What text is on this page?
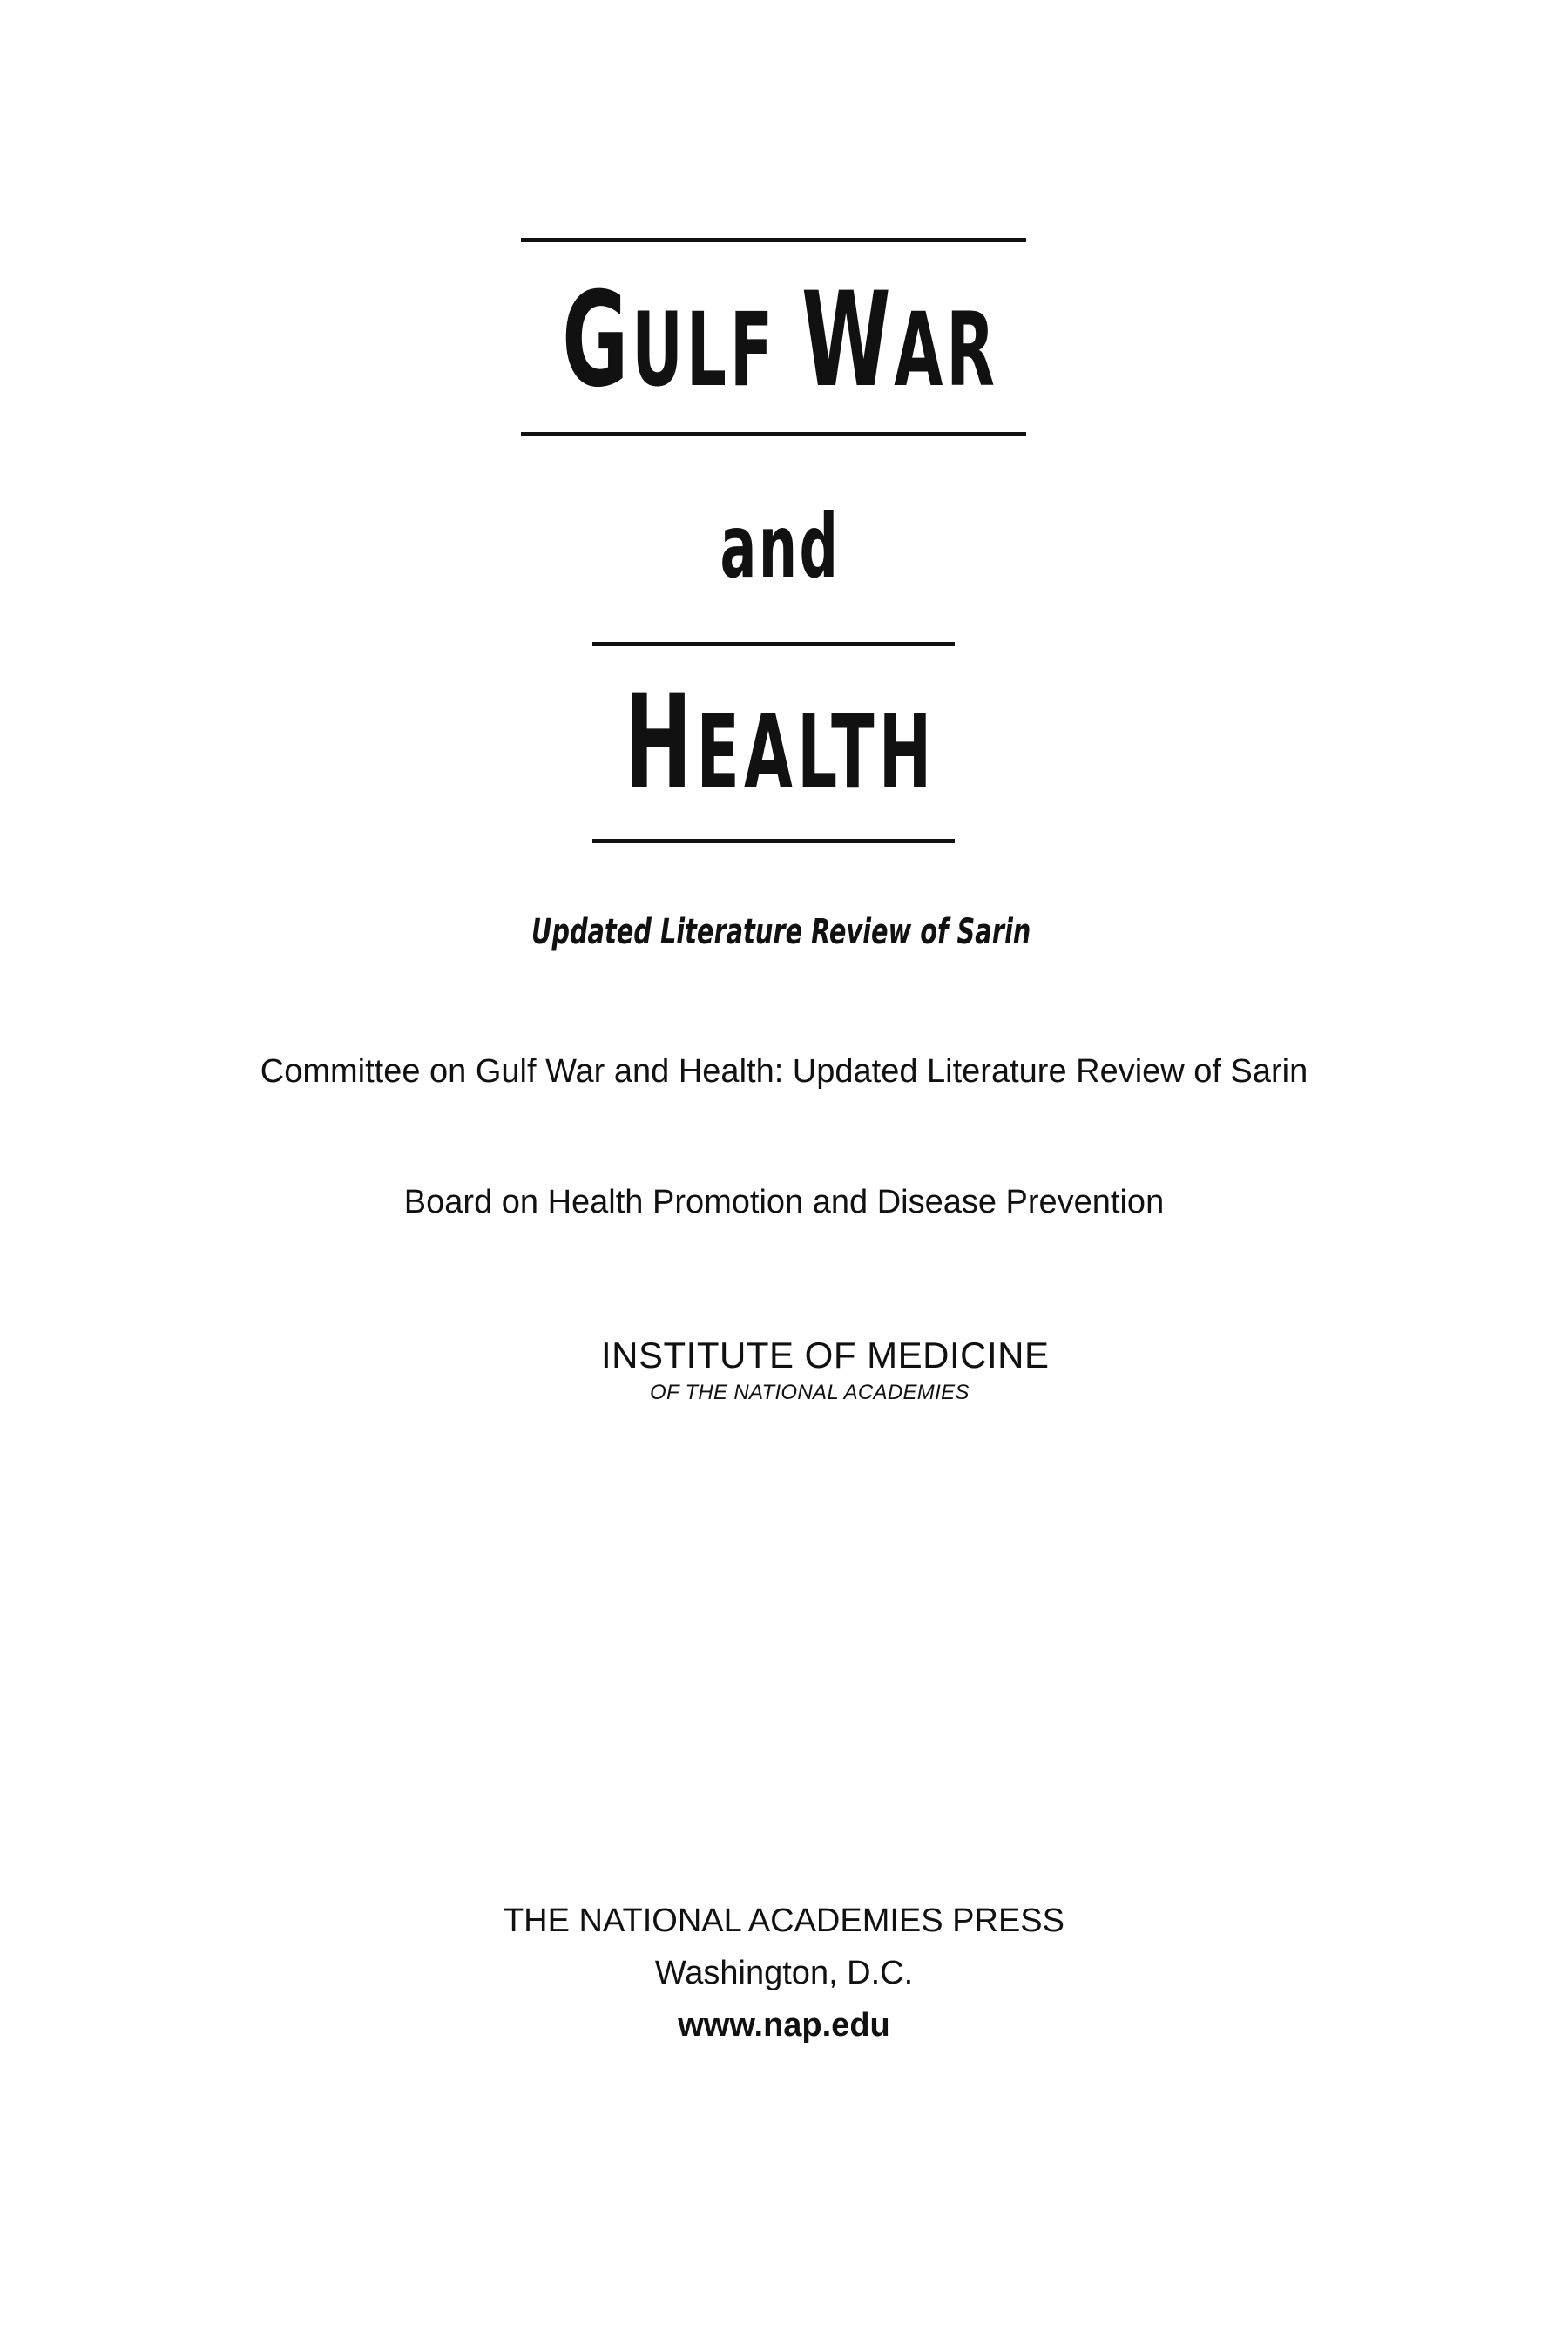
GULF WAR
and
HEALTH
Updated Literature Review of Sarin
Committee on Gulf War and Health: Updated Literature Review of Sarin
Board on Health Promotion and Disease Prevention
INSTITUTE OF MEDICINE
OF THE NATIONAL ACADEMIES
THE NATIONAL ACADEMIES PRESS
Washington, D.C.
www.nap.edu
